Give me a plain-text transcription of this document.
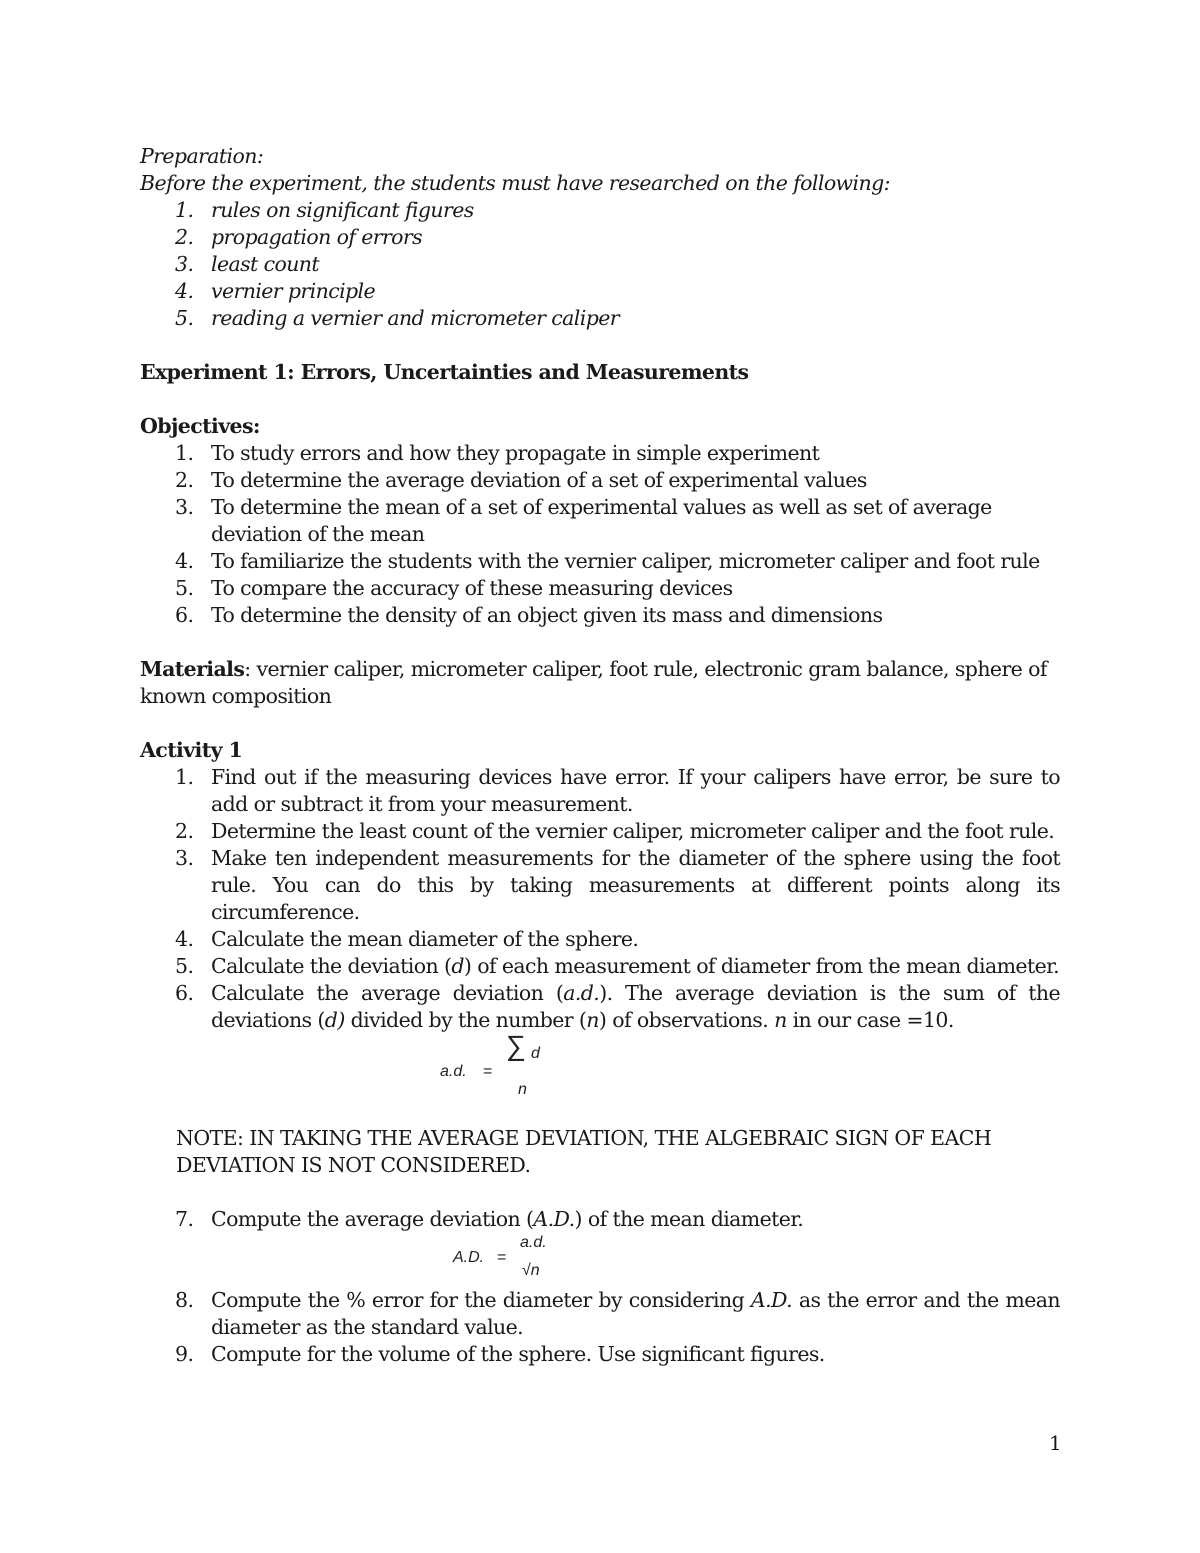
Preparation:

Before the experiment, the students must have researched on the following:

1. rules on significant figures
2. propagation of errors
3. least count
4. vernier principle
5. reading a vernier and micrometer caliper

Experiment 1: Errors, Uncertainties and Measurements

Objectives:

1. To study errors and how they propagate in simple experiment
2. To determine the average deviation of a set of experimental values
3. To determine the mean of a set of experimental values as well as set of average deviation of the mean
4. To familiarize the students with the vernier caliper, micrometer caliper and foot rule
5. To compare the accuracy of these measuring devices
6. To determine the density of an object given its mass and dimensions

Materials: vernier caliper, micrometer caliper, foot rule, electronic gram balance, sphere of known composition

Activity 1

1. Find out if the measuring devices have error. If your calipers have error, be sure to add or subtract it from your measurement.
2. Determine the least count of the vernier caliper, micrometer caliper and the foot rule.
3. Make ten independent measurements for the diameter of the sphere using the foot rule. You can do this by taking measurements at different points along its circumference.
4. Calculate the mean diameter of the sphere.
5. Calculate the deviation (d) of each measurement of diameter from the mean diameter.
6. Calculate the average deviation (a.d.). The average deviation is the sum of the deviations (d) divided by the number (n) of observations. n in our case =10.
a.d. =
∑ d
n

NOTE: IN TAKING THE AVERAGE DEVIATION, THE ALGEBRAIC SIGN OF EACH DEVIATION IS NOT CONSIDERED.

7. Compute the average deviation (A.D.) of the mean diameter.
A.D. =
a.d.
√n
8. Compute the % error for the diameter by considering A.D. as the error and the mean diameter as the standard value.
9. Compute for the volume of the sphere. Use significant figures.
1
